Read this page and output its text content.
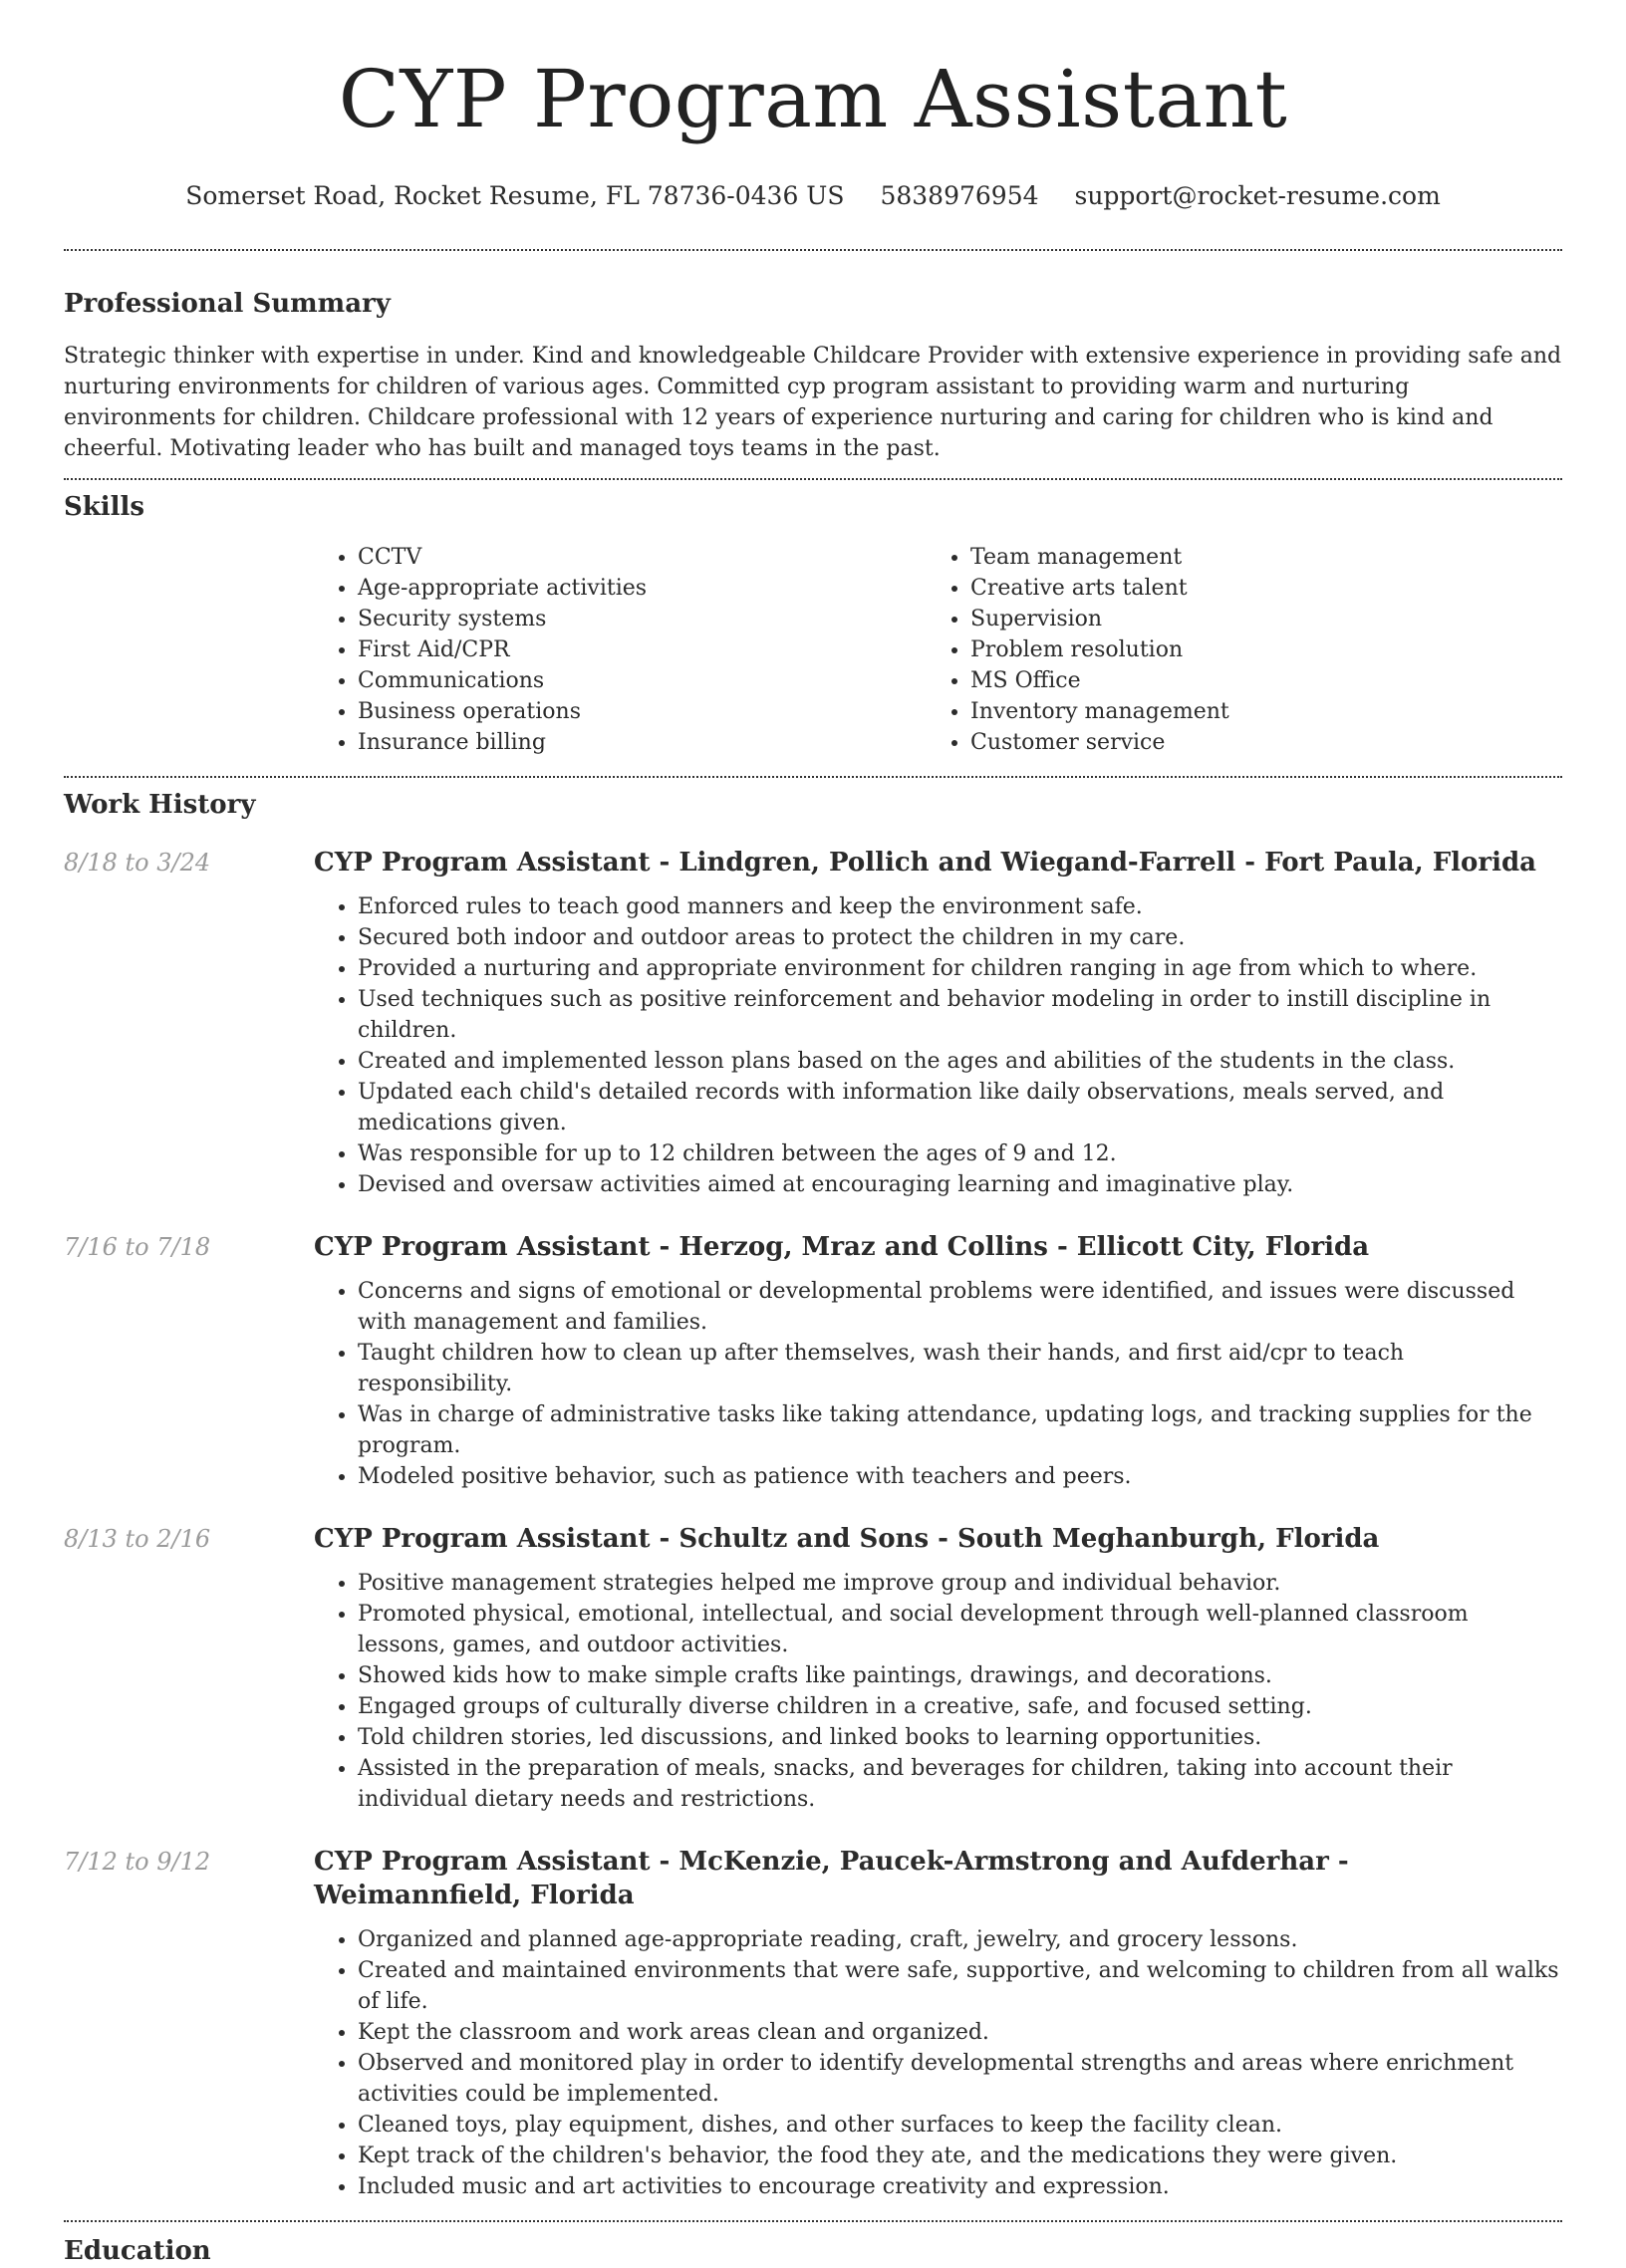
CYP Program Assistant
Somerset Road, Rocket Resume, FL 78736-0436 US 5838976954 support@rocket-resume.com
Professional Summary

Strategic thinker with expertise in under. Kind and knowledgeable Childcare Provider with extensive experience in providing safe and nurturing environments for children of various ages. Committed cyp program assistant to providing warm and nurturing environments for children. Childcare professional with 12 years of experience nurturing and caring for children who is kind and cheerful. Motivating leader who has built and managed toys teams in the past.

Skills
• CCTV
• Age-appropriate activities
• Security systems
• First Aid/CPR
• Communications
• Business operations
• Insurance billing
• Team management
• Creative arts talent
• Supervision
• Problem resolution
• MS Office
• Inventory management
• Customer service
Work History
8/18 to 3/24	CYP Program Assistant - Lindgren, Pollich and Wiegand-Farrell - Fort Paula, Florida
• Enforced rules to teach good manners and keep the environment safe.
• Secured both indoor and outdoor areas to protect the children in my care.
• Provided a nurturing and appropriate environment for children ranging in age from which to where.
• Used techniques such as positive reinforcement and behavior modeling in order to instill discipline in children.
• Created and implemented lesson plans based on the ages and abilities of the students in the class.
• Updated each child's detailed records with information like daily observations, meals served, and medications given.
• Was responsible for up to 12 children between the ages of 9 and 12.
• Devised and oversaw activities aimed at encouraging learning and imaginative play.
7/16 to 7/18	CYP Program Assistant - Herzog, Mraz and Collins - Ellicott City, Florida
• Concerns and signs of emotional or developmental problems were identified, and issues were discussed with management and families.
• Taught children how to clean up after themselves, wash their hands, and first aid/cpr to teach responsibility.
• Was in charge of administrative tasks like taking attendance, updating logs, and tracking supplies for the program.
• Modeled positive behavior, such as patience with teachers and peers.
8/13 to 2/16	CYP Program Assistant - Schultz and Sons - South Meghanburgh, Florida
• Positive management strategies helped me improve group and individual behavior.
• Promoted physical, emotional, intellectual, and social development through well-planned classroom lessons, games, and outdoor activities.
• Showed kids how to make simple crafts like paintings, drawings, and decorations.
• Engaged groups of culturally diverse children in a creative, safe, and focused setting.
• Told children stories, led discussions, and linked books to learning opportunities.
• Assisted in the preparation of meals, snacks, and beverages for children, taking into account their individual dietary needs and restrictions.
7/12 to 9/12	CYP Program Assistant - McKenzie, Paucek-Armstrong and Aufderhar - Weimannfield, Florida
• Organized and planned age-appropriate reading, craft, jewelry, and grocery lessons.
• Created and maintained environments that were safe, supportive, and welcoming to children from all walks of life.
• Kept the classroom and work areas clean and organized.
• Observed and monitored play in order to identify developmental strengths and areas where enrichment activities could be implemented.
• Cleaned toys, play equipment, dishes, and other surfaces to keep the facility clean.
• Kept track of the children's behavior, the food they ate, and the medications they were given.
• Included music and art activities to encourage creativity and expression.
Education
